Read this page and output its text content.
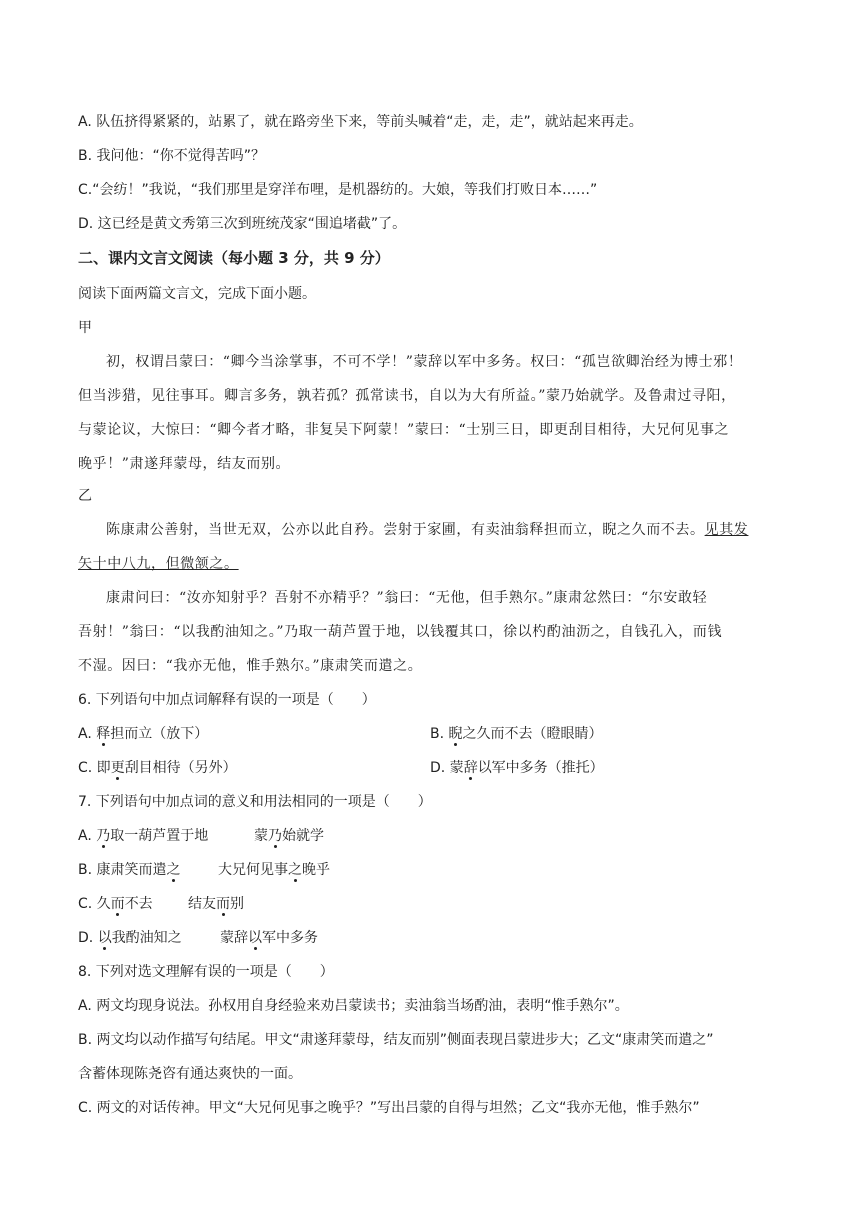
A. 队伍挤得紧紧的，站累了，就在路旁坐下来，等前头喊着“走，走，走”，就站起来再走。
B. 我问他：“你不觉得苦吗”？
C.“会纺！”我说，“我们那里是穿洋布哩，是机器纺的。大娘，等我们打败日本……”
D. 这已经是黄文秀第三次到班统茂家“围追堵截”了。
二、课内文言文阅读（每小题 3 分，共 9 分）
阅读下面两篇文言文，完成下面小题。
甲
初，权谓吕蒙曰：“卿今当涂掌事，不可不学！”蒙辞以军中多务。权曰：“孤岂欲卿治经为博士邪！
但当涉猎，见往事耳。卿言多务，孰若孤？孤常读书，自以为大有所益。”蒙乃始就学。及鲁肃过寻阳，
与蒙论议，大惊曰：“卿今者才略，非复吴下阿蒙！”蒙曰：“士别三日，即更刮目相待，大兄何见事之
晚乎！”肃遂拜蒙母，结友而别。
乙
陈康肃公善射，当世无双，公亦以此自矜。尝射于家圃，有卖油翁释担而立，睨之久而不去。见其发
矢十中八九，但微颔之。
康肃问曰：“汝亦知射乎？吾射不亦精乎？”翁曰：“无他，但手熟尔。”康肃忿然曰：“尔安敢轻
吾射！”翁曰：“以我酌油知之。”乃取一葫芦置于地，以钱覆其口，徐以杓酌油沥之，自钱孔入，而钱
不湿。因曰：“我亦无他，惟手熟尔。”康肃笑而遣之。
6. 下列语句中加点词解释有误的一项是（　　）
A. 释担而立（放下）	B. 睨之久而不去（瞪眼睛）
C. 即更刮目相待（另外）	D. 蒙辞以军中多务（推托）
7. 下列语句中加点词的意义和用法相同的一项是（　　）
A. 乃取一葫芦置于地	蒙乃始就学
B. 康肃笑而遣之	大兄何见事之晚乎
C. 久而不去	结友而别
D. 以我酌油知之	蒙辞以军中多务
8. 下列对选文理解有误的一项是（　　）
A. 两文均现身说法。孙权用自身经验来劝吕蒙读书；卖油翁当场酌油，表明“惟手熟尔”。
B. 两文均以动作描写句结尾。甲文“肃遂拜蒙母，结友而别”侧面表现吕蒙进步大；乙文“康肃笑而遣之”
含蓄体现陈尧咨有通达爽快的一面。
C. 两文的对话传神。甲文“大兄何见事之晚乎？”写出吕蒙的自得与坦然；乙文“我亦无他，惟手熟尔”
